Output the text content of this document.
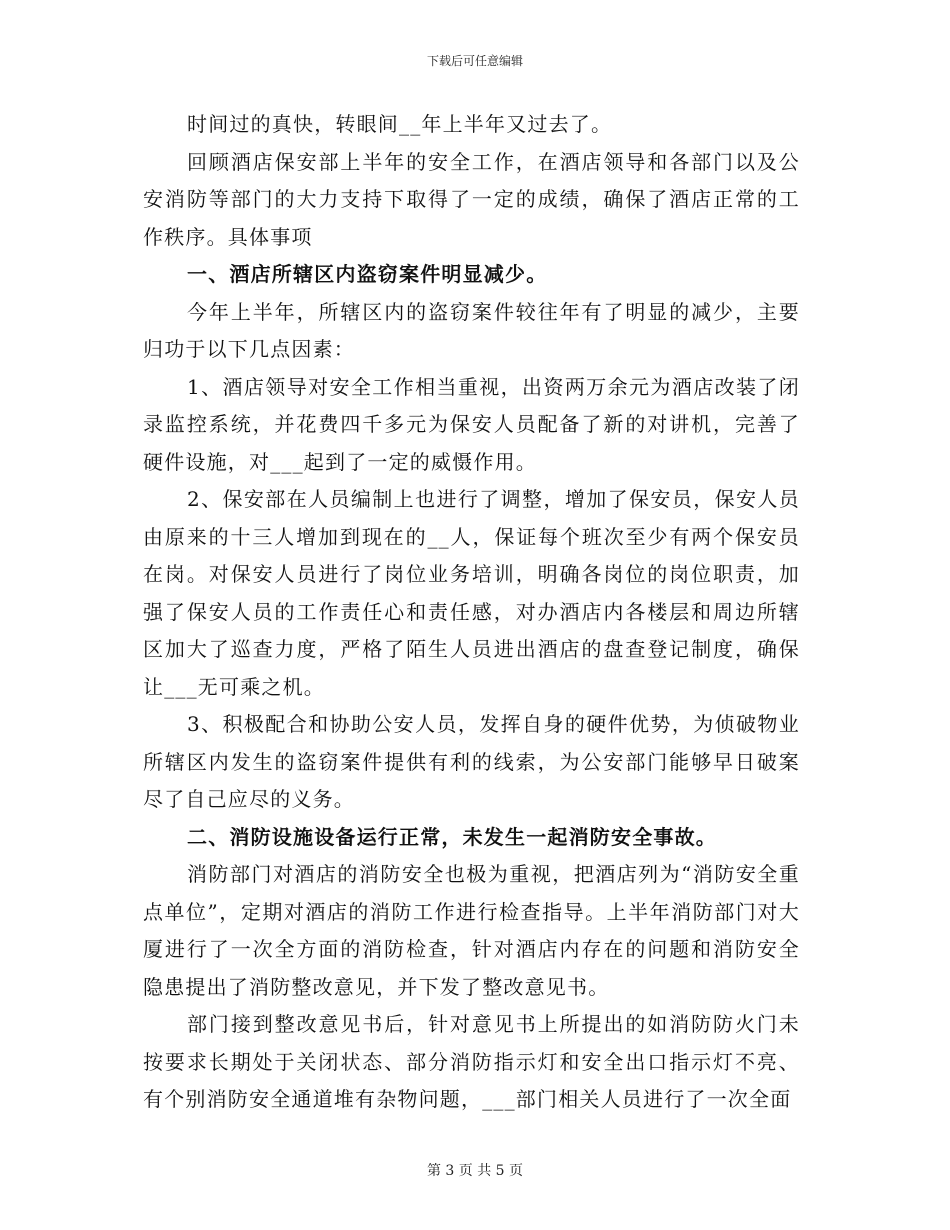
下载后可任意编辑

时间过的真快，转眼间__年上半年又过去了。

回顾酒店保安部上半年的安全工作，在酒店领导和各部门以及公安消防等部门的大力支持下取得了一定的成绩，确保了酒店正常的工作秩序。具体事项

一、酒店所辖区内盗窃案件明显减少。

今年上半年，所辖区内的盗窃案件较往年有了明显的减少，主要归功于以下几点因素：

1、酒店领导对安全工作相当重视，出资两万余元为酒店改装了闭录监控系统，并花费四千多元为保安人员配备了新的对讲机，完善了硬件设施，对___起到了一定的威慑作用。

2、保安部在人员编制上也进行了调整，增加了保安员，保安人员由原来的十三人增加到现在的__人，保证每个班次至少有两个保安员在岗。对保安人员进行了岗位业务培训，明确各岗位的岗位职责，加强了保安人员的工作责任心和责任感，对办酒店内各楼层和周边所辖区加大了巡查力度，严格了陌生人员进出酒店的盘查登记制度，确保让___无可乘之机。

3、积极配合和协助公安人员，发挥自身的硬件优势，为侦破物业所辖区内发生的盗窃案件提供有利的线索，为公安部门能够早日破案尽了自己应尽的义务。

二、消防设施设备运行正常，未发生一起消防安全事故。

消防部门对酒店的消防安全也极为重视，把酒店列为“消防安全重点单位”，定期对酒店的消防工作进行检查指导。上半年消防部门对大厦进行了一次全方面的消防检查，针对酒店内存在的问题和消防安全隐患提出了消防整改意见，并下发了整改意见书。

部门接到整改意见书后，针对意见书上所提出的如消防防火门未按要求长期处于关闭状态、部分消防指示灯和安全出口指示灯不亮、有个别消防安全通道堆有杂物问题，___部门相关人员进行了一次全面

第 3 页 共 5 页
